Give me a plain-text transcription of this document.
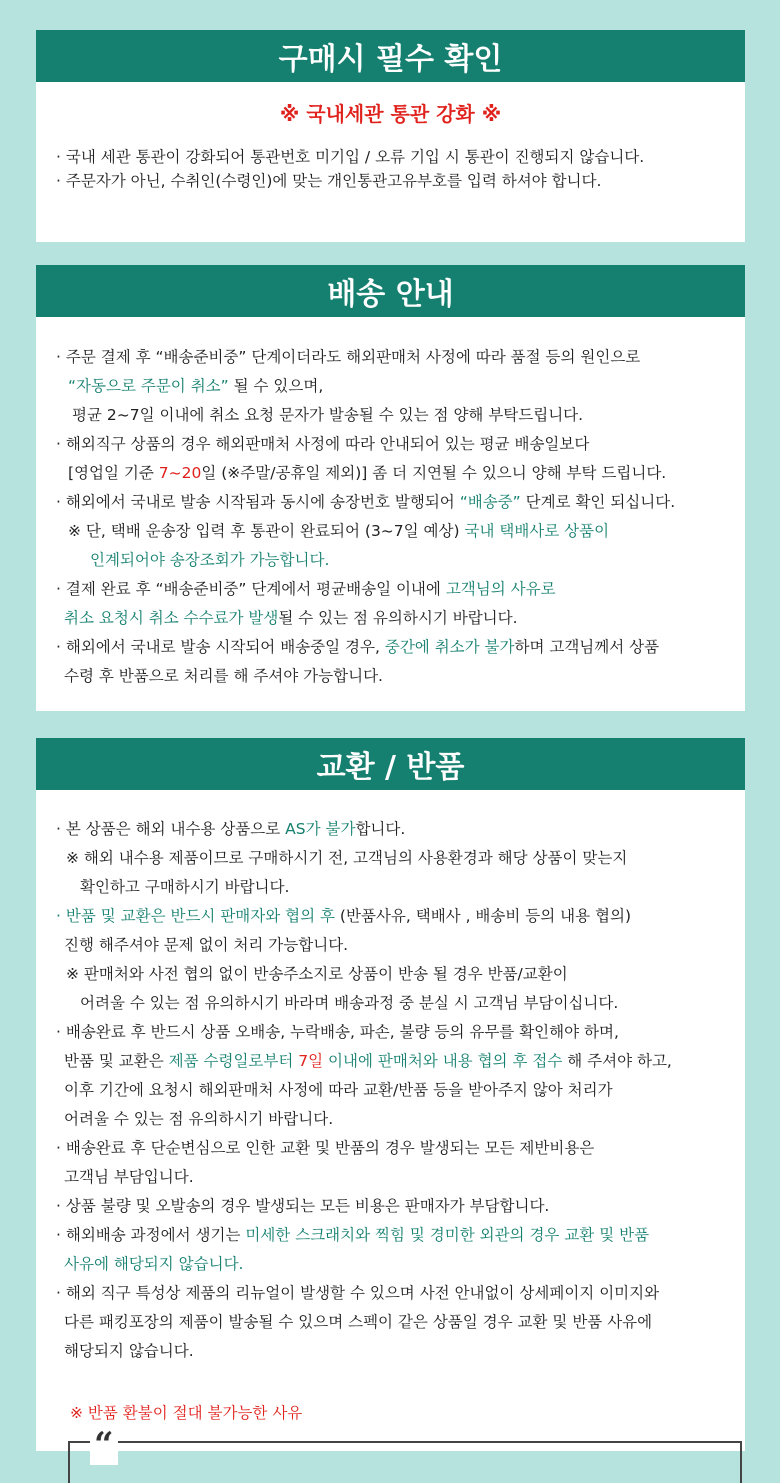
구매시 필수 확인
※ 국내세관 통관 강화 ※
· 국내 세관 통관이 강화되어 통관번호 미기입 / 오류 기입 시 통관이 진행되지 않습니다.
· 주문자가 아닌, 수취인(수령인)에 맞는 개인통관고유부호를 입력 하셔야 합니다.
배송 안내
· 주문 결제 후 “배송준비중” 단계이더라도 해외판매처 사정에 따라 품절 등의 원인으로
“자동으로 주문이 취소” 될 수 있으며,
평균 2~7일 이내에 취소 요청 문자가 발송될 수 있는 점 양해 부탁드립니다.
· 해외직구 상품의 경우 해외판매처 사정에 따라 안내되어 있는 평균 배송일보다
[영업일 기준 7~20일 (※주말/공휴일 제외)] 좀 더 지연될 수 있으니 양해 부탁 드립니다.
· 해외에서 국내로 발송 시작됨과 동시에 송장번호 발행되어 “배송중” 단계로 확인 되십니다.
※ 단, 택배 운송장 입력 후 통관이 완료되어 (3~7일 예상) 국내 택배사로 상품이
인계되어야 송장조회가 가능합니다.
· 결제 완료 후 “배송준비중” 단계에서 평균배송일 이내에 고객님의 사유로
취소 요청시 취소 수수료가 발생될 수 있는 점 유의하시기 바랍니다.
· 해외에서 국내로 발송 시작되어 배송중일 경우, 중간에 취소가 불가하며 고객님께서 상품
수령 후 반품으로 처리를 해 주셔야 가능합니다.
교환 / 반품
· 본 상품은 해외 내수용 상품으로 AS가 불가합니다.
※ 해외 내수용 제품이므로 구매하시기 전, 고객님의 사용환경과 해당 상품이 맞는지
확인하고 구매하시기 바랍니다.
· 반품 및 교환은 반드시 판매자와 협의 후 (반품사유, 택배사 , 배송비 등의 내용 협의)
진행 해주셔야 문제 없이 처리 가능합니다.
※ 판매처와 사전 협의 없이 반송주소지로 상품이 반송 될 경우 반품/교환이
어려울 수 있는 점 유의하시기 바라며 배송과정 중 분실 시 고객님 부담이십니다.
· 배송완료 후 반드시 상품 오배송, 누락배송, 파손, 불량 등의 유무를 확인해야 하며,
반품 및 교환은 제품 수령일로부터 7일 이내에 판매처와 내용 협의 후 접수 해 주셔야 하고,
이후 기간에 요청시 해외판매처 사정에 따라 교환/반품 등을 받아주지 않아 처리가
어려울 수 있는 점 유의하시기 바랍니다.
· 배송완료 후 단순변심으로 인한 교환 및 반품의 경우 발생되는 모든 제반비용은
고객님 부담입니다.
· 상품 불량 및 오발송의 경우 발생되는 모든 비용은 판매자가 부담합니다.
· 해외배송 과정에서 생기는 미세한 스크래치와 찍힘 및 경미한 외관의 경우 교환 및 반품
사유에 해당되지 않습니다.
· 해외 직구 특성상 제품의 리뉴얼이 발생할 수 있으며 사전 안내없이 상세페이지 이미지와
다른 패킹포장의 제품이 발송될 수 있으며 스펙이 같은 상품일 경우 교환 및 반품 사유에
해당되지 않습니다.
※ 반품 환불이 절대 불가능한 사유
“
